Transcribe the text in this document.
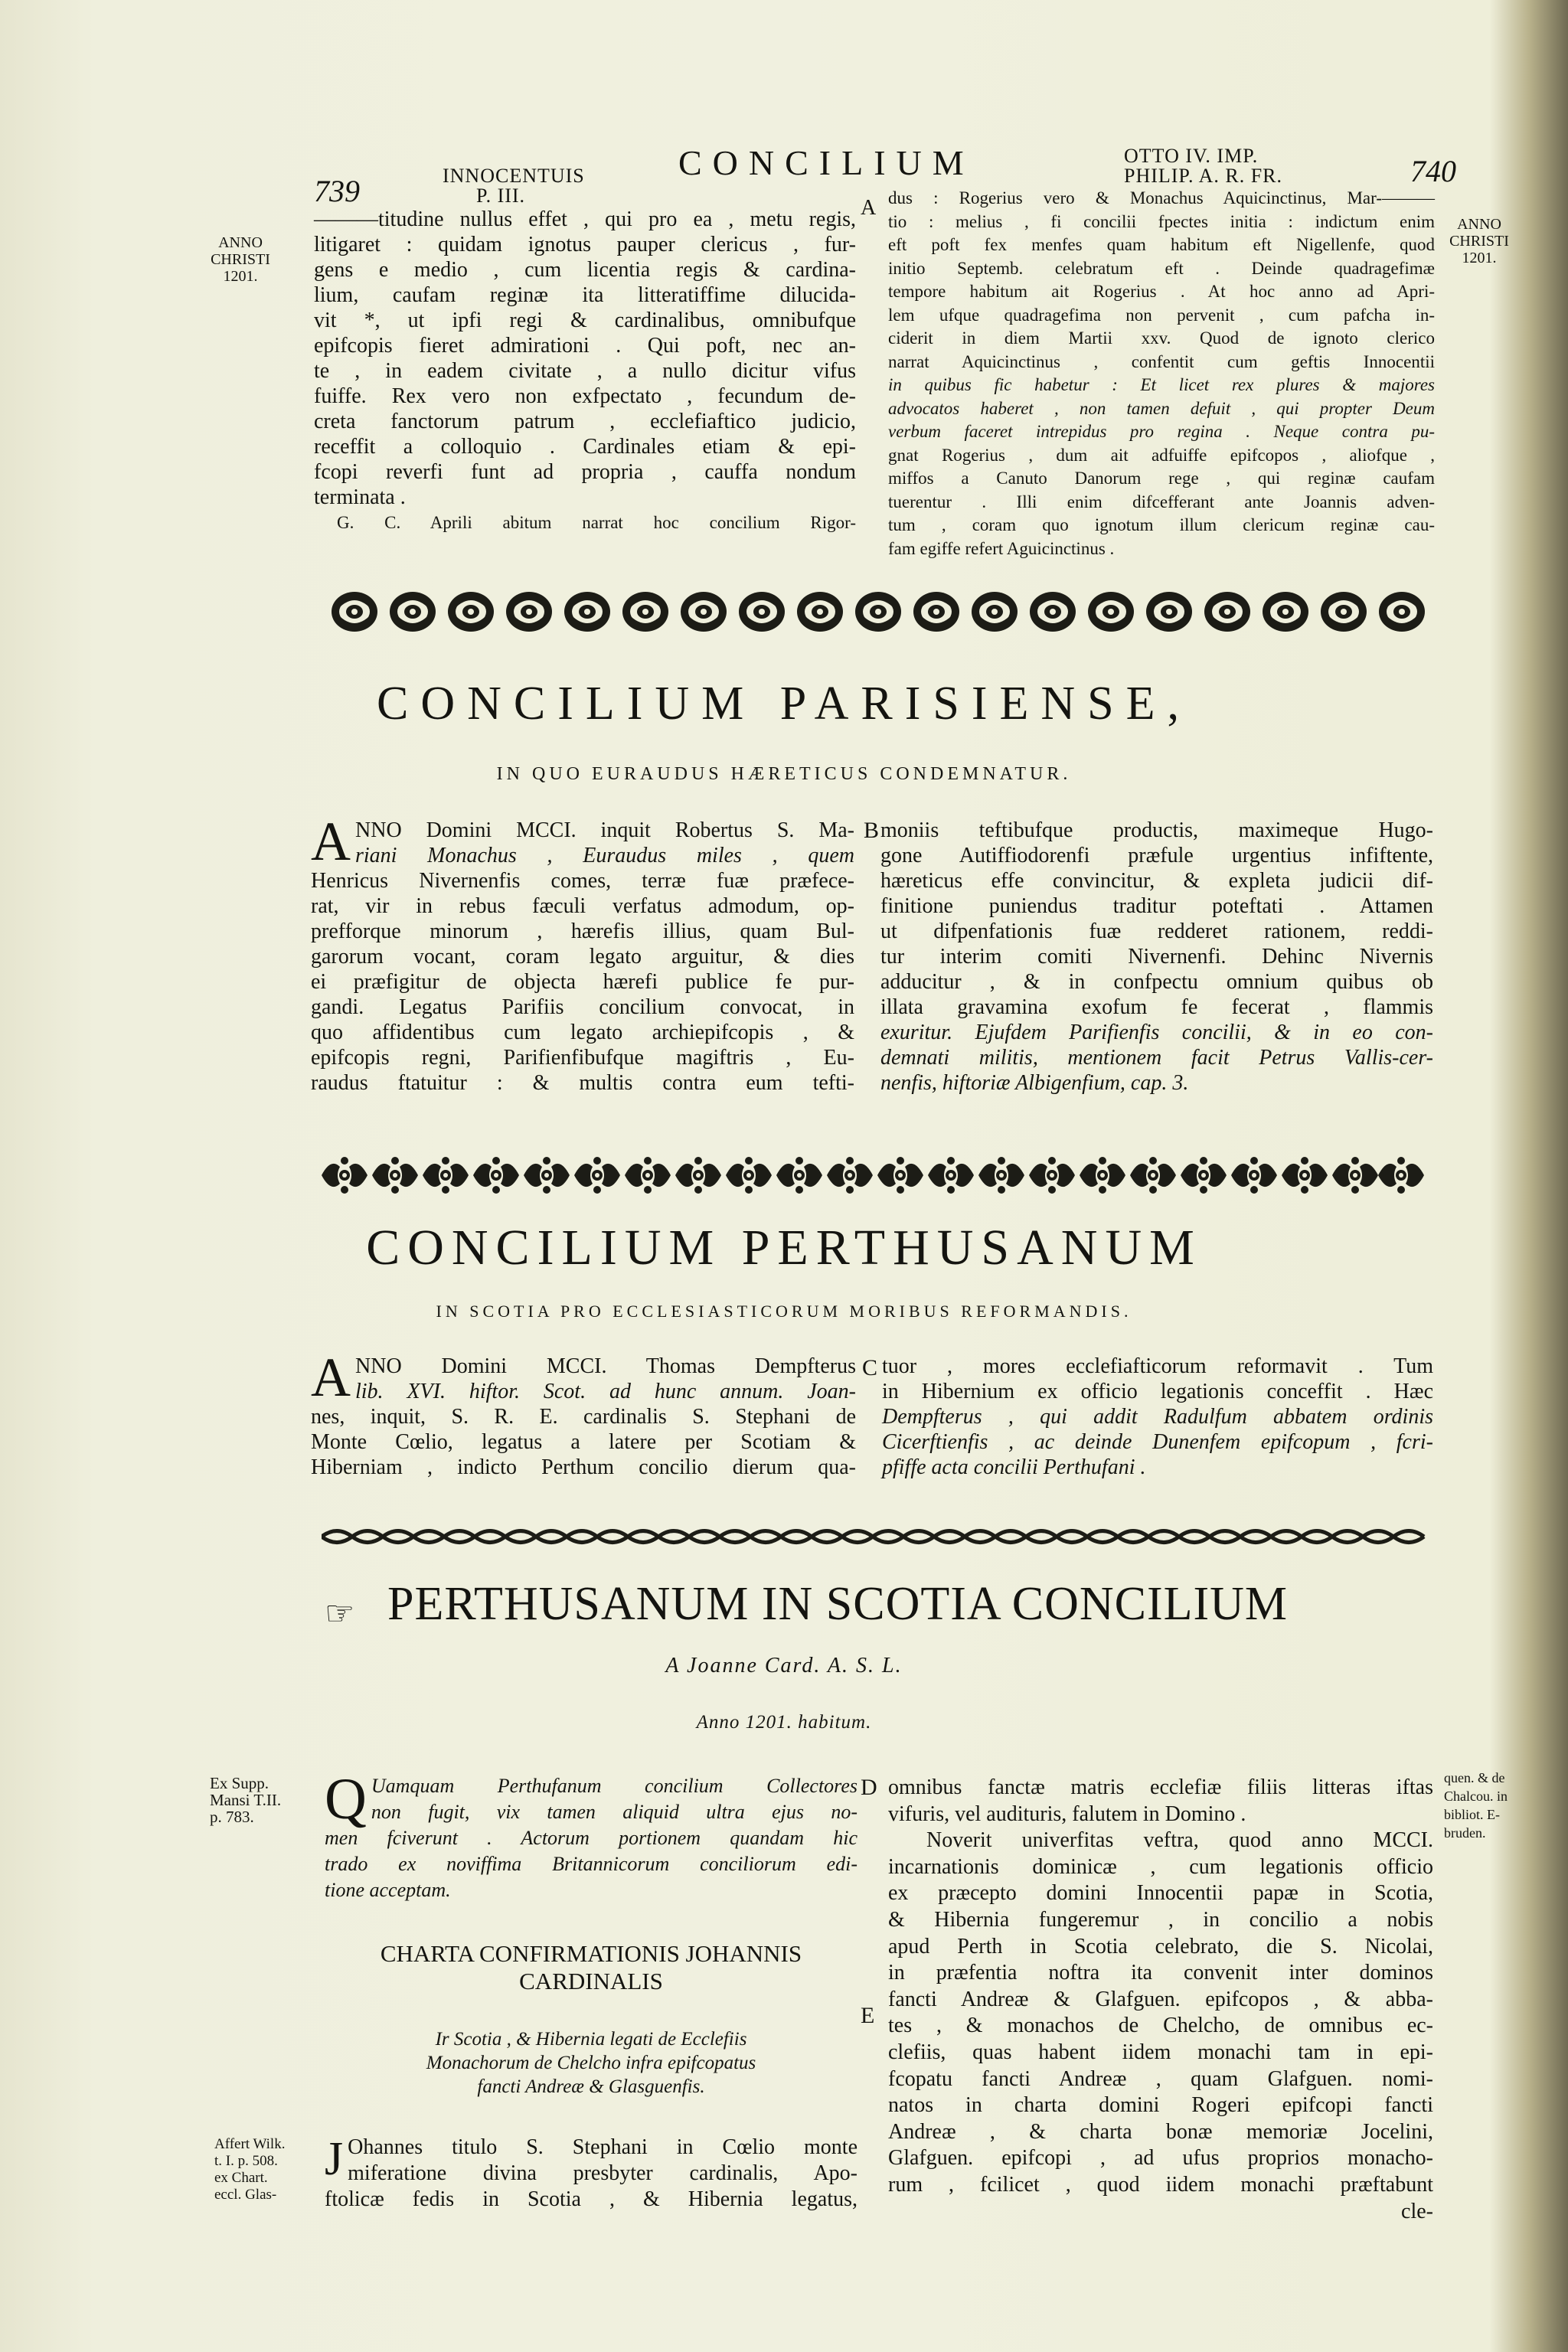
739	INNOCENTUIS
P. III.
CONCILIUM	OTTO IV. IMP.
PHILIP. A. R. FR.	740
ANNO
CHRISTI
1201.
ANNO
CHRISTI
1201.
A
———titudine nullus effet , qui pro ea , metu regis,
litigaret : quidam ignotus pauper clericus , fur-
gens e medio , cum licentia regis & cardina-
lium, caufam reginæ ita litteratiffime dilucida-
vit *, ut ipfi regi & cardinalibus, omnibufque
epifcopis fieret admirationi . Qui poft, nec an-
te , in eadem civitate , a nullo dicitur vifus
fuiffe. Rex vero non exfpectato , fecundum de-
creta fanctorum patrum , ecclefiaftico judicio,
receffit a colloquio . Cardinales etiam & epi-
fcopi reverfi funt ad propria , cauffa nondum
terminata .
G. C. Aprili abitum narrat hoc concilium Rigor-
dus : Rogerius vero & Monachus Aquicinctinus, Mar-———
tio : melius , fi concilii fpectes initia : indictum enim
eft poft fex menfes quam habitum eft Nigellenfe, quod
initio Septemb. celebratum eft . Deinde quadragefimæ
tempore habitum ait Rogerius . At hoc anno ad Apri-
lem ufque quadragefima non pervenit , cum pafcha in-
ciderit in diem Martii xxv. Quod de ignoto clerico
narrat Aquicinctinus , confentit cum geftis Innocentii
in quibus fic habetur : Et licet rex plures & majores
advocatos haberet , non tamen defuit , qui propter Deum
verbum faceret intrepidus pro regina . Neque contra pu-
gnat Rogerius , dum ait adfuiffe epifcopos , aliofque ,
miffos a Canuto Danorum rege , qui reginæ caufam
tuerentur . Illi enim difcefferant ante Joannis adven-
tum , coram quo ignotum illum clericum reginæ cau-
fam egiffe refert Aguicinctinus .
CONCILIUM PARISIENSE,
IN QUO EURAUDUS HÆRETICUS CONDEMNATUR.
B
A NNO Domini MCCI. inquit Robertus S. Ma-
riani Monachus , Euraudus miles , quem
Henricus Nivernenfis comes, terræ fuæ præfece-
rat, vir in rebus fæculi verfatus admodum, op-
prefforque minorum , hærefis illius, quam Bul-
garorum vocant, coram legato arguitur, & dies
ei præfigitur de objecta hærefi publice fe pur-
gandi. Legatus Parifiis concilium convocat, in
quo affidentibus cum legato archiepifcopis , &
epifcopis regni, Parifienfibufque magiftris , Eu-
raudus ftatuitur : & multis contra eum tefti-
moniis teftibufque productis, maximeque Hugo-
gone Autiffiodorenfi præfule urgentius infiftente,
hæreticus effe convincitur, & expleta judicii dif-
finitione puniendus traditur poteftati . Attamen
ut difpenfationis fuæ redderet rationem, reddi-
tur interim comiti Nivernenfi. Dehinc Nivernis
adducitur , & in confpectu omnium quibus ob
illata gravamina exofum fe fecerat , flammis
exuritur. Ejufdem Parifienfis concilii, & in eo con-
demnati militis, mentionem facit Petrus Vallis-cer-
nenfis, hiftoriæ Albigenfium, cap. 3.
CONCILIUM PERTHUSANUM
IN SCOTIA PRO ECCLESIASTICORUM MORIBUS REFORMANDIS.
C
A NNO Domini MCCI. Thomas Dempfterus
lib. XVI. hiftor. Scot. ad hunc annum. Joan-
nes, inquit, S. R. E. cardinalis S. Stephani de
Monte Cœlio, legatus a latere per Scotiam &
Hiberniam , indicto Perthum concilio dierum qua-
tuor , mores ecclefiafticorum reformavit . Tum
in Hibernium ex officio legationis conceffit . Hæc
Dempfterus , qui addit Radulfum abbatem ordinis
Cicerftienfis , ac deinde Dunenfem epifcopum , fcri-
pfiffe acta concilii Perthufani .
☞ PERTHUSANUM IN SCOTIA CONCILIUM
A Joanne Card. A. S. L.
Anno 1201. habitum.
Ex Supp.
Mansi T.II.
p. 783.	Q Uamquam Perthufanum concilium Collectores
non fugit, vix tamen aliquid ultra ejus no-
men fciverunt . Actorum portionem quandam hic
trado ex noviffima Britannicorum conciliorum edi-
tione acceptam.
CHARTA CONFIRMATIONIS JOHANNIS
CARDINALIS
Ir Scotia , & Hibernia legati de Ecclefiis
Monachorum de Chelcho infra epifcopatus
fancti Andreæ & Glasguenfis.
Affert Wilk.
t. I. p. 508.
ex Chart.
eccl. Glas-
J Ohannes titulo S. Stephani in Cœlio monte
miferatione divina presbyter cardinalis, Apo-
ftolicæ fedis in Scotia , & Hibernia legatus,
D
E
omnibus fanctæ matris ecclefiæ filiis litteras iftas
vifuris, vel audituris, falutem in Domino .
Noverit univerfitas veftra, quod anno MCCI.
incarnationis dominicæ , cum legationis officio
ex præcepto domini Innocentii papæ in Scotia,
& Hibernia fungeremur , in concilio a nobis
apud Perth in Scotia celebrato, die S. Nicolai,
in præfentia noftra ita convenit inter dominos
fancti Andreæ & Glafguen. epifcopos , & abba-
tes , & monachos de Chelcho, de omnibus ec-
clefiis, quas habent iidem monachi tam in epi-
fcopatu fancti Andreæ , quam Glafguen. nomi-
natos in charta domini Rogeri epifcopi fancti
Andreæ , & charta bonæ memoriæ Jocelini,
Glafguen. epifcopi , ad ufus proprios monacho-
rum , fcilicet , quod iidem monachi præftabunt
cle-
quen. & de
Chalcou. in
bibliot. E-
bruden.
